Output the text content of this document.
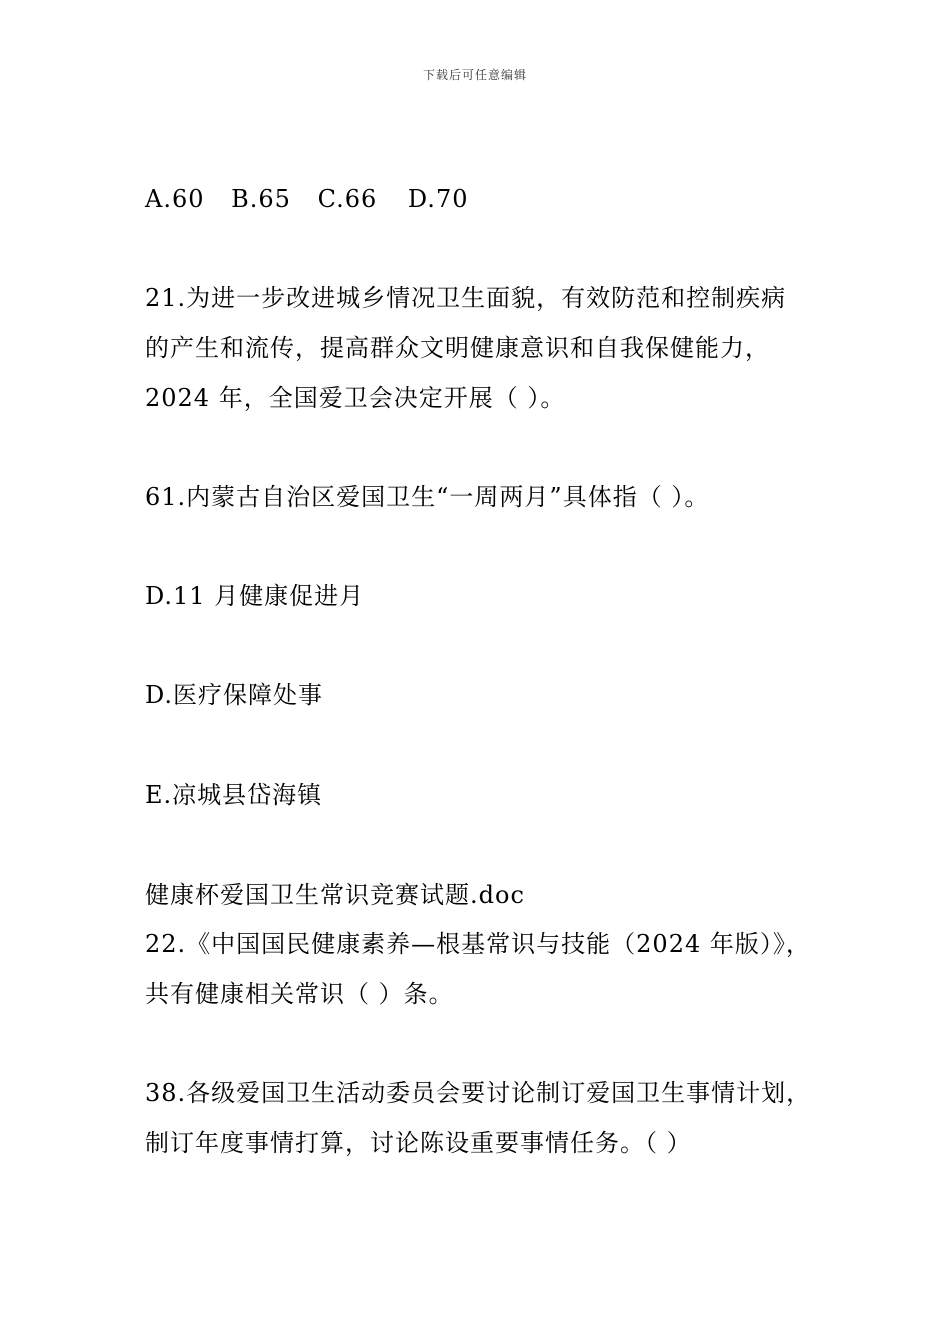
下载后可任意编辑
A.60 B.65 C.66 D.70
21.为进一步改进城乡情况卫生面貌，有效防范和控制疾病
的产生和流传，提高群众文明健康意识和自我保健能力，
2024 年，全国爱卫会决定开展（ ）。
61.内蒙古自治区爱国卫生“一周两月”具体指（ ）。
D.11 月健康促进月
D.医疗保障处事
E.凉城县岱海镇
健康杯爱国卫生常识竞赛试题.doc
22.《中国国民健康素养—根基常识与技能（2024 年版）》，
共有健康相关常识（ ）条。
38.各级爱国卫生活动委员会要讨论制订爱国卫生事情计划，
制订年度事情打算，讨论陈设重要事情任务。（ ）
